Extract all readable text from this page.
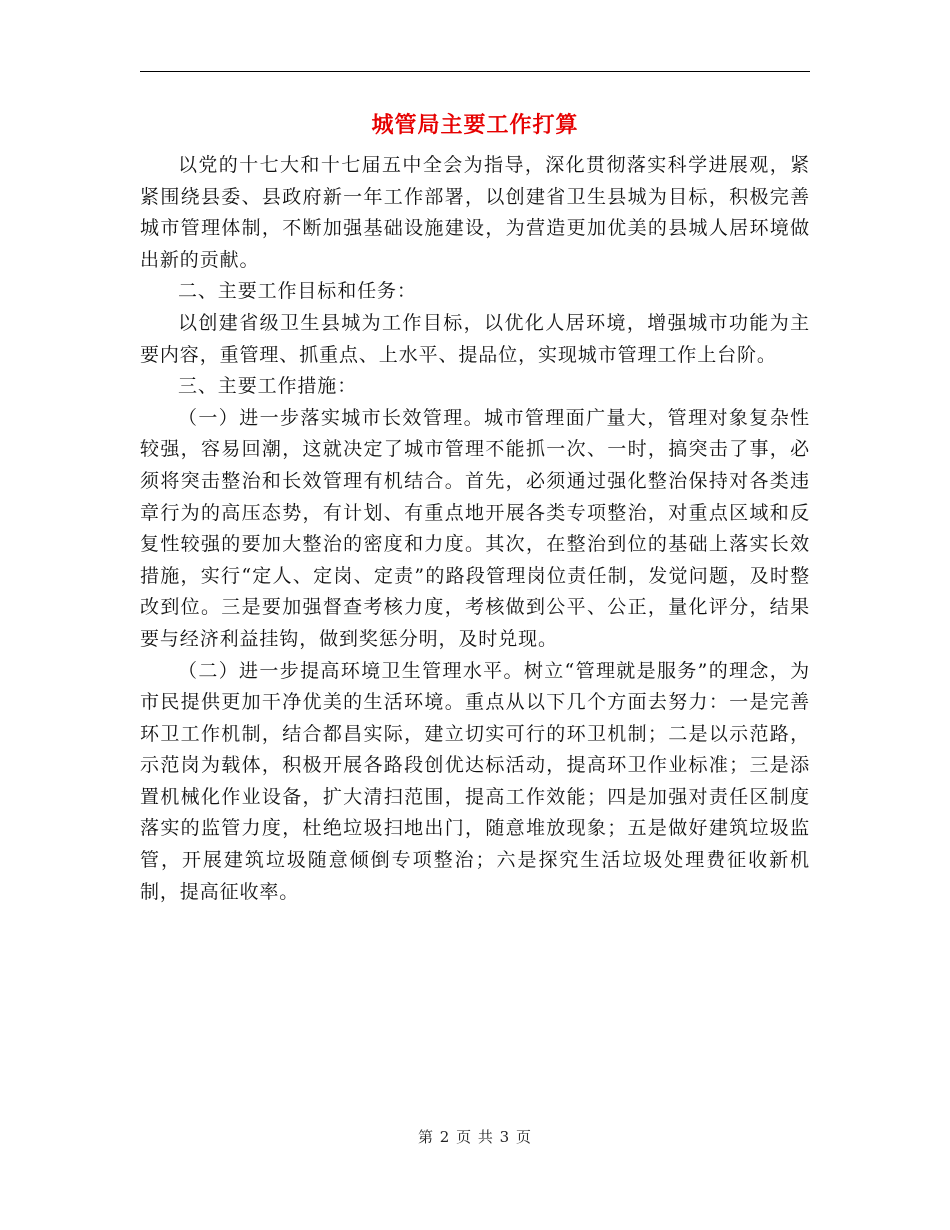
城管局主要工作打算

以党的十七大和十七届五中全会为指导，深化贯彻落实科学进展观，紧紧围绕县委、县政府新一年工作部署，以创建省卫生县城为目标，积极完善城市管理体制，不断加强基础设施建设，为营造更加优美的县城人居环境做出新的贡献。

二、主要工作目标和任务：

以创建省级卫生县城为工作目标，以优化人居环境，增强城市功能为主要内容，重管理、抓重点、上水平、提品位，实现城市管理工作上台阶。

三、主要工作措施：

（一）进一步落实城市长效管理。城市管理面广量大，管理对象复杂性较强，容易回潮，这就决定了城市管理不能抓一次、一时，搞突击了事，必须将突击整治和长效管理有机结合。首先，必须通过强化整治保持对各类违章行为的高压态势，有计划、有重点地开展各类专项整治，对重点区域和反复性较强的要加大整治的密度和力度。其次，在整治到位的基础上落实长效措施，实行“定人、定岗、定责”的路段管理岗位责任制，发觉问题，及时整改到位。三是要加强督查考核力度，考核做到公平、公正，量化评分，结果要与经济利益挂钩，做到奖惩分明，及时兑现。

（二）进一步提高环境卫生管理水平。树立“管理就是服务”的理念，为市民提供更加干净优美的生活环境。重点从以下几个方面去努力：一是完善环卫工作机制，结合都昌实际，建立切实可行的环卫机制；二是以示范路，示范岗为载体，积极开展各路段创优达标活动，提高环卫作业标准；三是添置机械化作业设备，扩大清扫范围，提高工作效能；四是加强对责任区制度落实的监管力度，杜绝垃圾扫地出门，随意堆放现象；五是做好建筑垃圾监管，开展建筑垃圾随意倾倒专项整治；六是探究生活垃圾处理费征收新机制，提高征收率。

第 2 页 共 3 页
